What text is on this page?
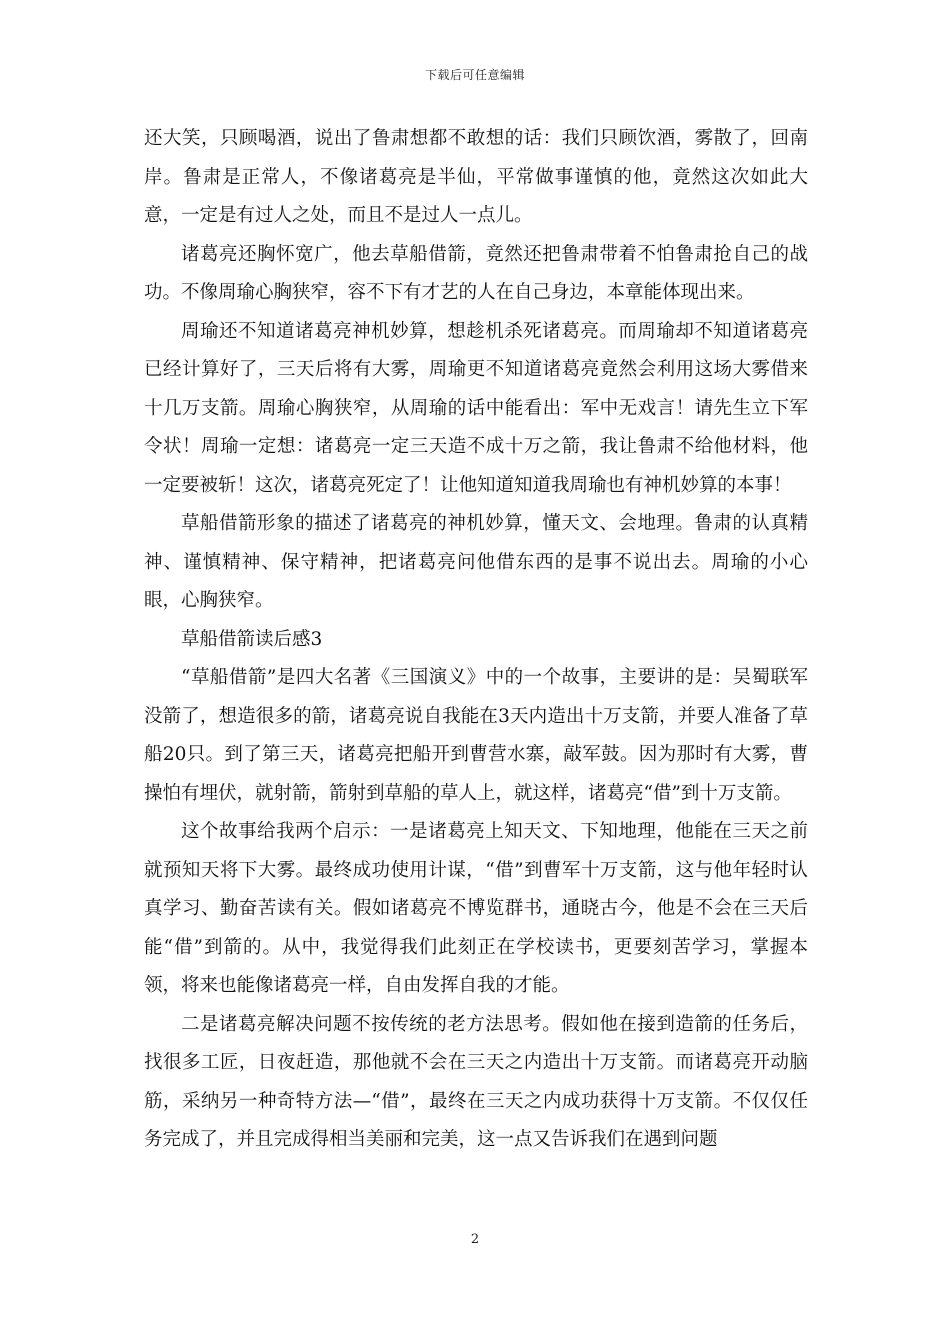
下载后可任意编辑

还大笑，只顾喝酒，说出了鲁肃想都不敢想的话：我们只顾饮酒，雾散了，回南岸。鲁肃是正常人，不像诸葛亮是半仙，平常做事谨慎的他，竟然这次如此大意，一定是有过人之处，而且不是过人一点儿。

诸葛亮还胸怀宽广，他去草船借箭，竟然还把鲁肃带着不怕鲁肃抢自己的战功。不像周瑜心胸狭窄，容不下有才艺的人在自己身边，本章能体现出来。

周瑜还不知道诸葛亮神机妙算，想趁机杀死诸葛亮。而周瑜却不知道诸葛亮已经计算好了，三天后将有大雾，周瑜更不知道诸葛亮竟然会利用这场大雾借来十几万支箭。周瑜心胸狭窄，从周瑜的话中能看出：军中无戏言！请先生立下军令状！周瑜一定想：诸葛亮一定三天造不成十万之箭，我让鲁肃不给他材料，他一定要被斩！这次，诸葛亮死定了！让他知道知道我周瑜也有神机妙算的本事！

草船借箭形象的描述了诸葛亮的神机妙算，懂天文、会地理。鲁肃的认真精神、谨慎精神、保守精神，把诸葛亮问他借东西的是事不说出去。周瑜的小心眼，心胸狭窄。

草船借箭读后感3

“草船借箭”是四大名著《三国演义》中的一个故事，主要讲的是：吴蜀联军没箭了，想造很多的箭，诸葛亮说自我能在3天内造出十万支箭，并要人准备了草船20只。到了第三天，诸葛亮把船开到曹营水寨，敲军鼓。因为那时有大雾，曹操怕有埋伏，就射箭，箭射到草船的草人上，就这样，诸葛亮“借”到十万支箭。

这个故事给我两个启示：一是诸葛亮上知天文、下知地理，他能在三天之前就预知天将下大雾。最终成功使用计谋，“借”到曹军十万支箭，这与他年轻时认真学习、勤奋苦读有关。假如诸葛亮不博览群书，通晓古今，他是不会在三天后能“借”到箭的。从中，我觉得我们此刻正在学校读书，更要刻苦学习，掌握本领，将来也能像诸葛亮一样，自由发挥自我的才能。

二是诸葛亮解决问题不按传统的老方法思考。假如他在接到造箭的任务后，找很多工匠，日夜赶造，那他就不会在三天之内造出十万支箭。而诸葛亮开动脑筋，采纳另一种奇特方法—“借”，最终在三天之内成功获得十万支箭。不仅仅任务完成了，并且完成得相当美丽和完美，这一点又告诉我们在遇到问题

2
